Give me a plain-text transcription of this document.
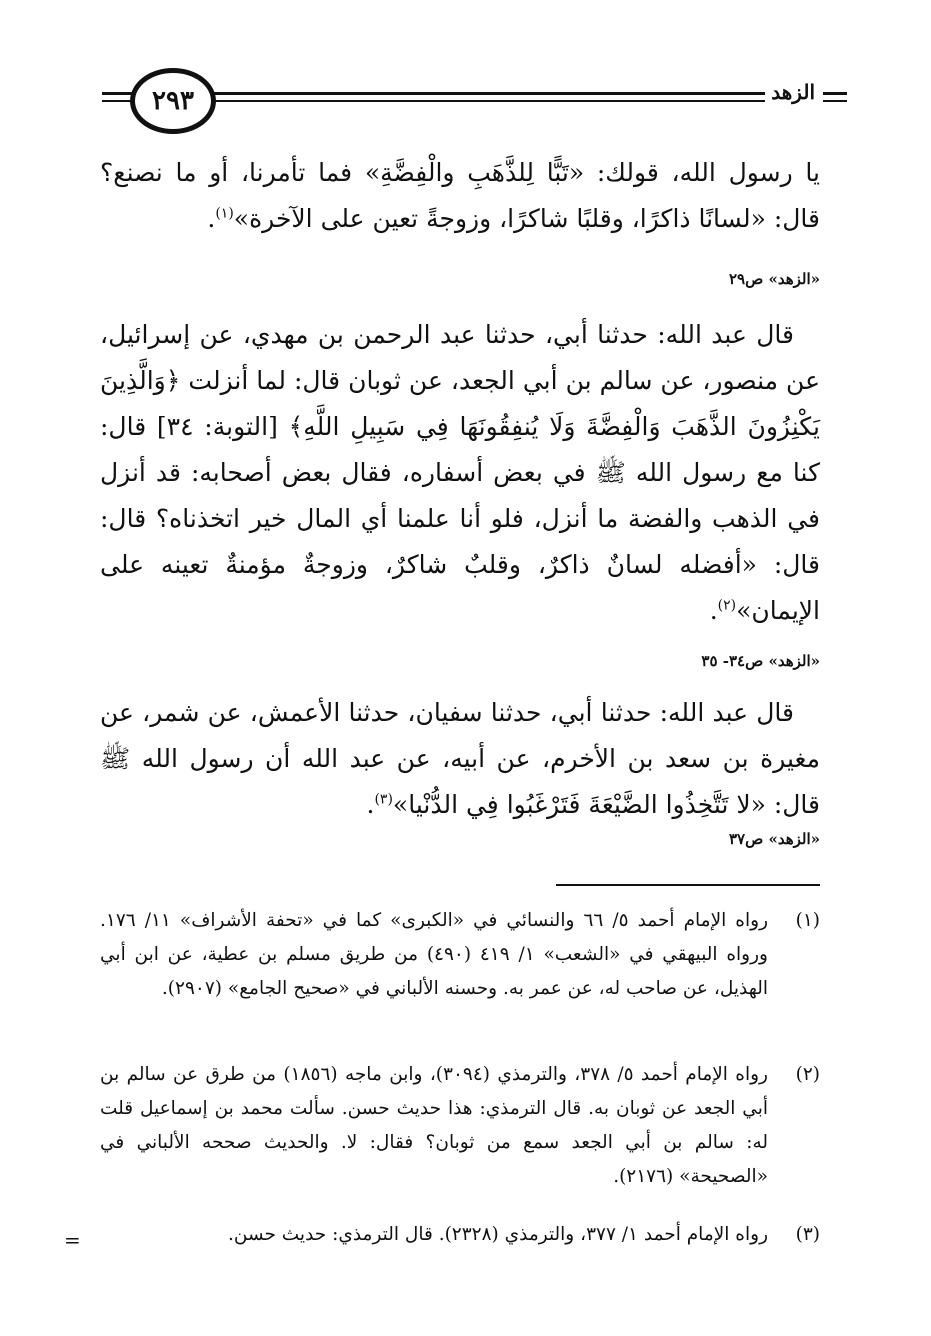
٢٩٣	الزهد
يا رسول الله، قولك: «تَبًّا لِلذَّهَبِ والْفِضَّةِ» فما تأمرنا، أو ما نصنع؟ قال: «لسانًا ذاكرًا، وقلبًا شاكرًا، وزوجةً تعين على الآخرة»$^{(١)}$.
«الزهد» ص٢٩
قال عبد الله: حدثنا أبي، حدثنا عبد الرحمن بن مهدي، عن إسرائيل، عن منصور، عن سالم بن أبي الجعد، عن ثوبان قال: لما أنزلت ﴿وَالَّذِينَ يَكْنِزُونَ الذَّهَبَ وَالْفِضَّةَ وَلَا يُنفِقُونَهَا فِي سَبِيلِ اللَّهِ﴾ [التوبة: ٣٤] قال: كنا مع رسول الله ﷺ في بعض أسفاره، فقال بعض أصحابه: قد أنزل في الذهب والفضة ما أنزل، فلو أنا علمنا أي المال خير اتخذناه؟ قال: قال: «أفضله لسانٌ ذاكرٌ، وقلبٌ شاكرٌ، وزوجةٌ مؤمنةٌ تعينه على الإيمان»$^{(٢)}$.
«الزهد» ص٣٤- ٣٥
قال عبد الله: حدثنا أبي، حدثنا سفيان، حدثنا الأعمش، عن شمر، عن مغيرة بن سعد بن الأخرم، عن أبيه، عن عبد الله أن رسول الله ﷺ قال: «لا تَتَّخِذُوا الضَّيْعَةَ فَتَرْغَبُوا فِي الدُّنْيا»$^{(٣)}$.
«الزهد» ص٣٧
(١)
رواه الإمام أحمد ٥/ ٦٦ والنسائي في «الكبرى» كما في «تحفة الأشراف» ١١/ ١٧٦. ورواه البيهقي في «الشعب» ١/ ٤١٩ (٤٩٠) من طريق مسلم بن عطية، عن ابن أبي الهذيل، عن صاحب له، عن عمر به. وحسنه الألباني في «صحيح الجامع» (٢٩٠٧).
(٢)
رواه الإمام أحمد ٥/ ٣٧٨، والترمذي (٣٠٩٤)، وابن ماجه (١٨٥٦) من طرق عن سالم بن أبي الجعد عن ثوبان به. قال الترمذي: هذا حديث حسن. سألت محمد بن إسماعيل قلت له: سالم بن أبي الجعد سمع من ثوبان؟ فقال: لا. والحديث صححه الألباني في «الصحيحة» (٢١٧٦).
(٣)
رواه الإمام أحمد ١/ ٣٧٧، والترمذي (٢٣٢٨). قال الترمذي: حديث حسن.
=
